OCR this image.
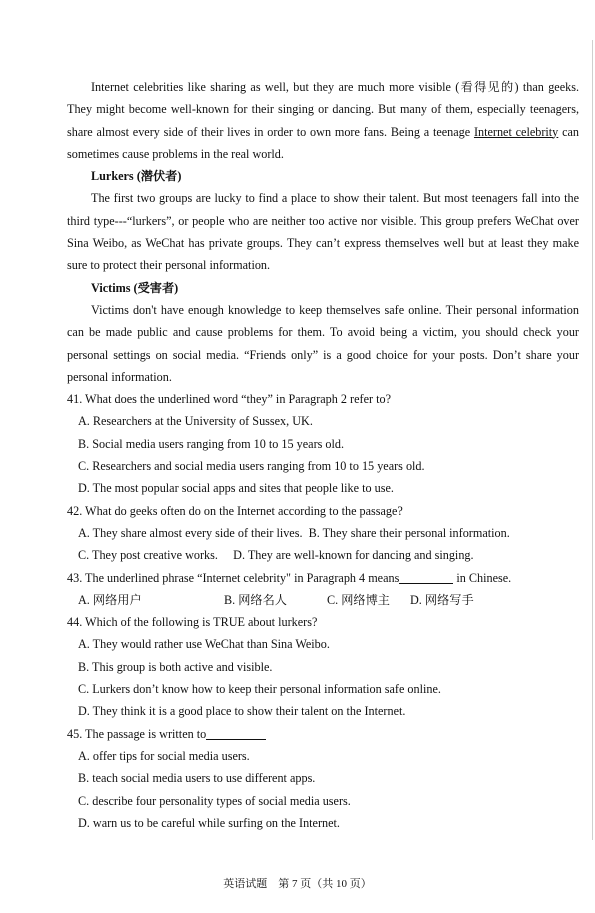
Internet celebrities like sharing as well, but they are much more visible (看得见的) than geeks. They might become well-known for their singing or dancing. But many of them, especially teenagers, share almost every side of their lives in order to own more fans. Being a teenage Internet celebrity can sometimes cause problems in the real world.

Lurkers (潜伏者)

The first two groups are lucky to find a place to show their talent. But most teenagers fall into the third type---“lurkers”, or people who are neither too active nor visible. This group prefers WeChat over Sina Weibo, as WeChat has private groups. They can’t express themselves well but at least they make sure to protect their personal information.

Victims (受害者)

Victims don't have enough knowledge to keep themselves safe online. Their personal information can be made public and cause problems for them. To avoid being a victim, you should check your personal settings on social media. “Friends only” is a good choice for your posts. Don’t share your personal information.

41. What does the underlined word “they” in Paragraph 2 refer to?

A. Researchers at the University of Sussex, UK.

B. Social media users ranging from 10 to 15 years old.

C. Researchers and social media users ranging from 10 to 15 years old.

D. The most popular social apps and sites that people like to use.

42. What do geeks often do on the Internet according to the passage?

A. They share almost every side of their lives. B. They share their personal information.

C. They post creative works. D. They are well-known for dancing and singing.

43. The underlined phrase “Internet celebrity" in Paragraph 4 means	in Chinese.

A. 网络用户	B. 网络名人	C. 网络博主	D. 网络写手

44. Which of the following is TRUE about lurkers?

A. They would rather use WeChat than Sina Weibo.

B. This group is both active and visible.

C. Lurkers don’t know how to keep their personal information safe online.

D. They think it is a good place to show their talent on the Internet.

45. The passage is written to

A. offer tips for social media users.

B. teach social media users to use different apps.

C. describe four personality types of social media users.

D. warn us to be careful while surfing on the Internet.

英语试题　第 7 页（共 10 页）
